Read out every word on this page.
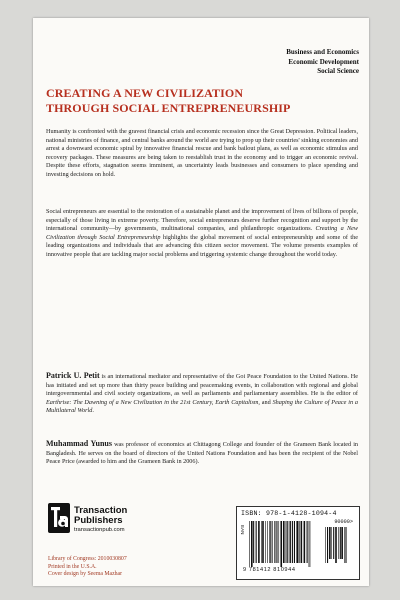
Business and Economics
Economic Development
Social Science
CREATING A NEW CIVILIZATION
THROUGH SOCIAL ENTREPRENEURSHIP

Humanity is confronted with the gravest financial crisis and economic recession since the Great Depression. Political leaders, national ministries of finance, and central banks around the world are trying to prop up their countries' sinking economies and arrest a downward economic spiral by innovative financial rescue and bank bailout plans, as well as economic stimulus and recovery packages. These measures are being taken to reestablish trust in the economy and to trigger an economic revival. Despite these efforts, stagnation seems imminent, as uncertainty leads businesses and consumers to place spending and investing decisions on hold.

Social entrepreneurs are essential to the restoration of a sustainable planet and the improvement of lives of billions of people, especially of those living in extreme poverty. Therefore, social entrepreneurs deserve further recognition and support by the international community—by governments, multinational companies, and philanthropic organizations. Creating a New Civilization through Social Entrepreneurship highlights the global movement of social entrepreneurship and some of the leading organizations and individuals that are advancing this citizen sector movement. The volume presents examples of innovative people that are tackling major social problems and triggering systemic change throughout the world today.

Patrick U. Petit is an international mediator and representative of the Goi Peace Foundation to the United Nations. He has initiated and set up more than thirty peace building and peacemaking events, in collaboration with regional and global intergovernmental and civil society organizations, as well as parliaments and parliamentary assemblies. He is the editor of Earthrise: The Dawning of a New Civilization in the 21st Century, Earth Capitalism, and Shaping the Culture of Peace in a Multilateral World.
Muhammad Yunus was professor of economics at Chittagong College and founder of the Grameen Bank located in Bangladesh. He serves on the board of directors of the United Nations Foundation and has been the recipient of the Nobel Peace Price (awarded to him and the Grameen Bank in 2006).
Transaction
Publishers
transactionpub.com
Library of Congress: 2010030807
Printed in the U.S.A.
Cover design by Seema Mazhar
ISBN: 978-1-4128-1094-4
EAN
90000>
9 781412 810944
